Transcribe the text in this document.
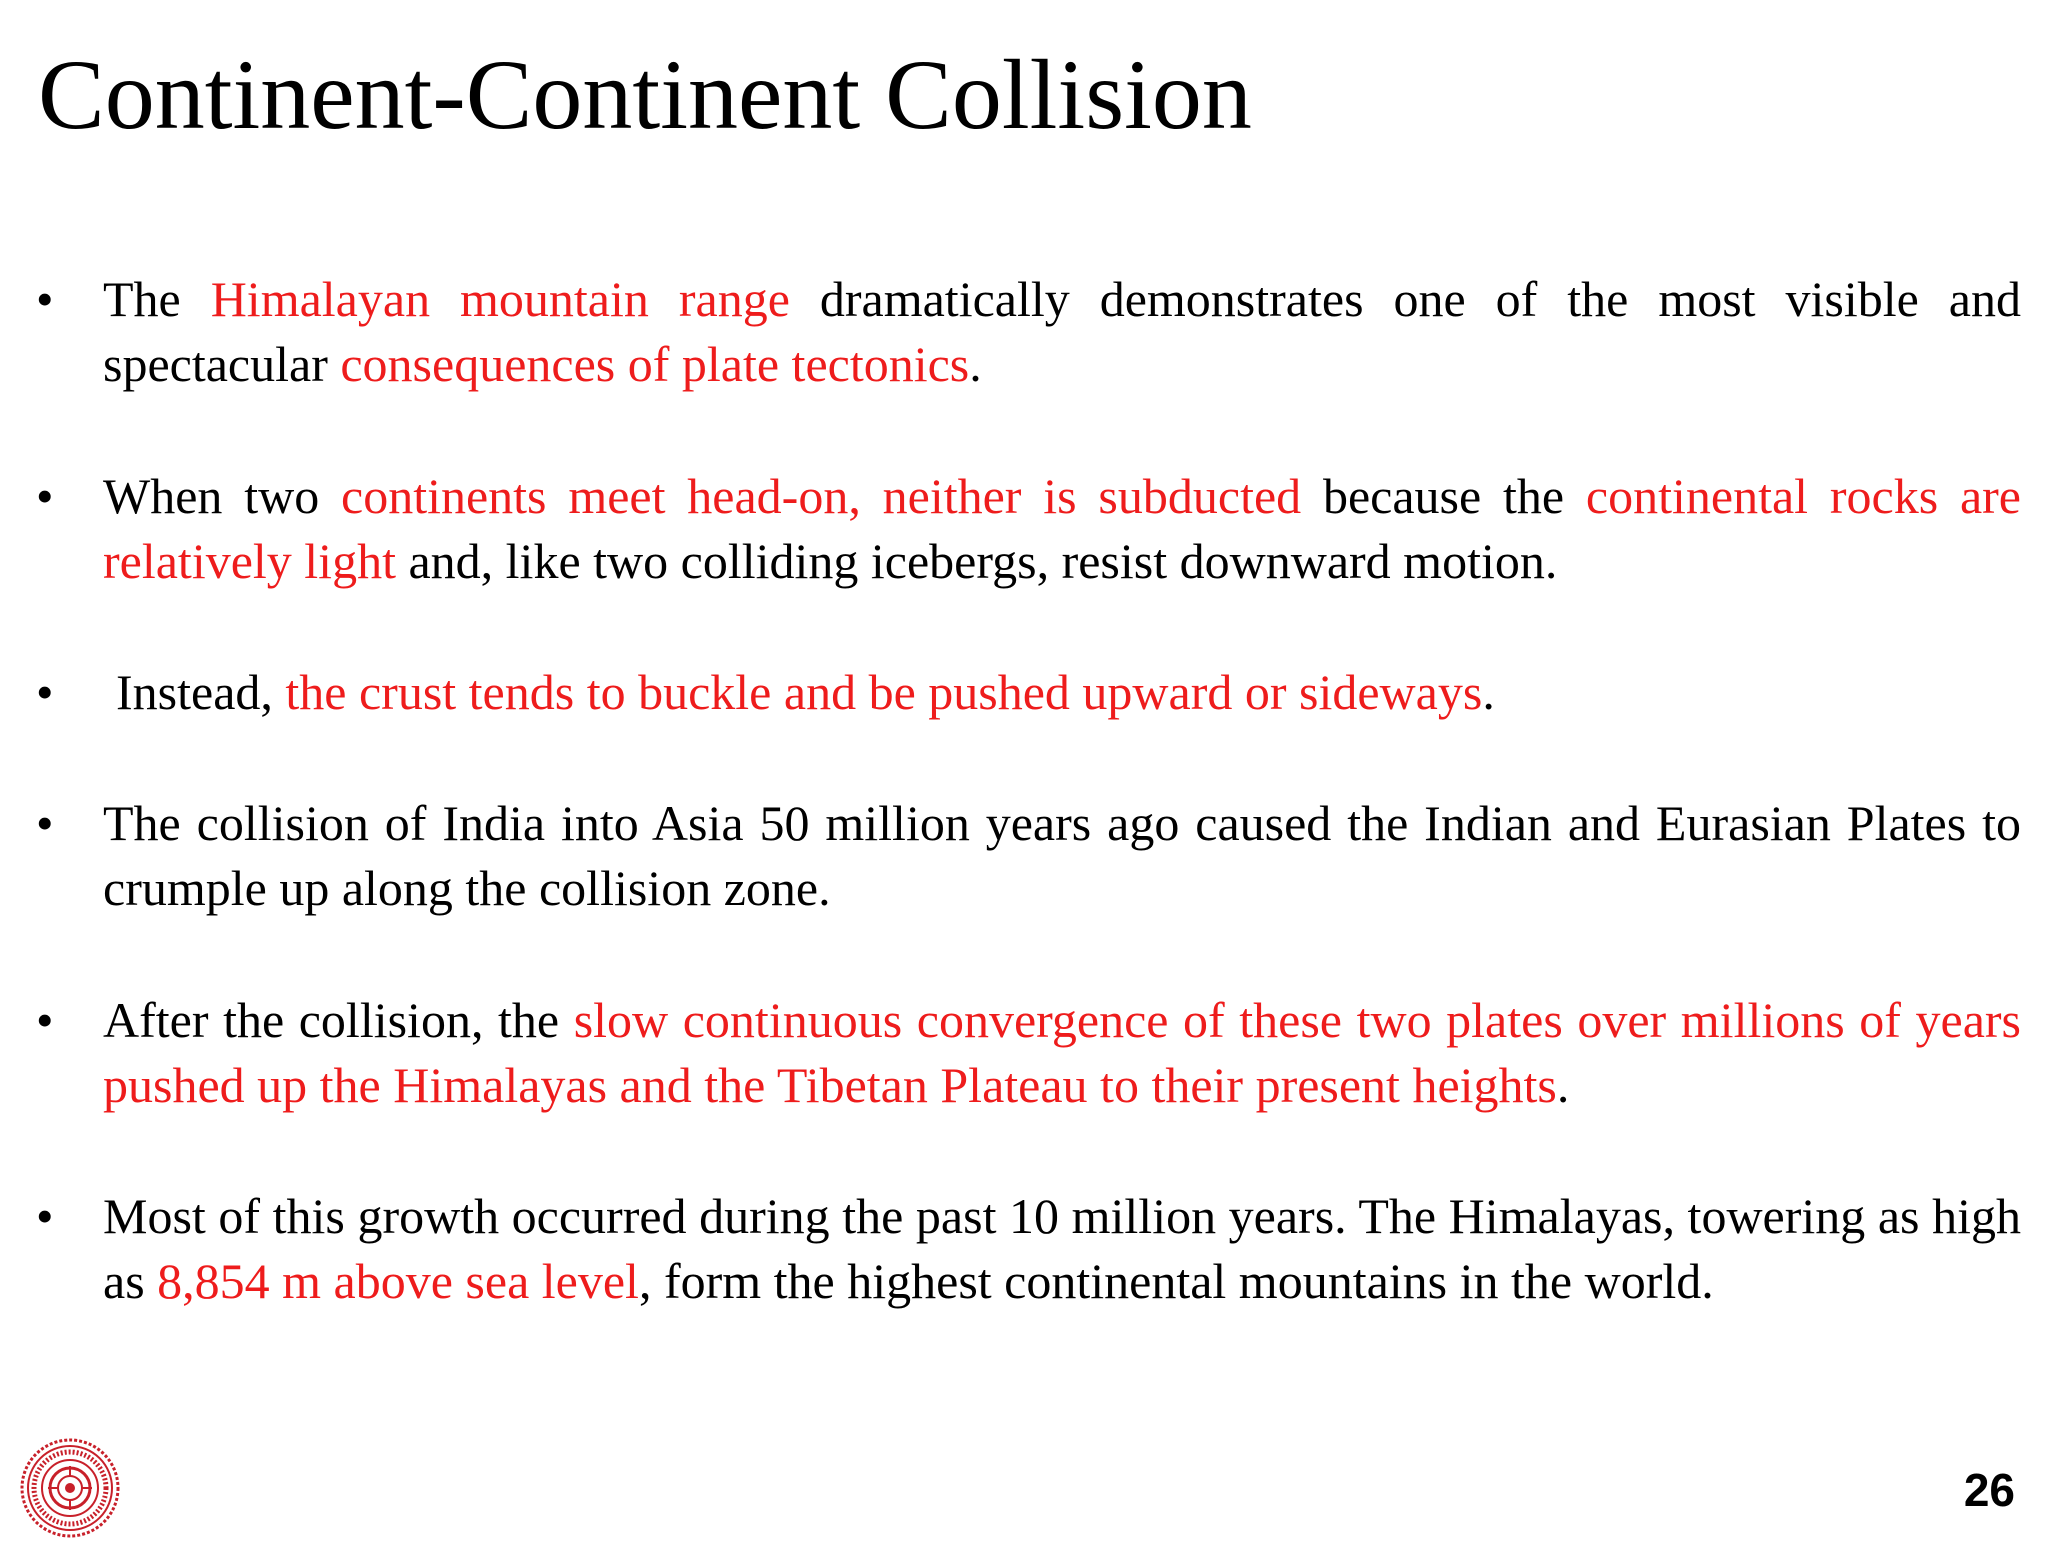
Continent-Continent Collision
• The Himalayan mountain range dramatically demonstrates one of the most visible and spectacular consequences of plate tectonics.
• When two continents meet head-on, neither is subducted because the continental rocks are relatively light and, like two colliding icebergs, resist downward motion.
• Instead, the crust tends to buckle and be pushed upward or sideways.
• The collision of India into Asia 50 million years ago caused the Indian and Eurasian Plates to crumple up along the collision zone.
• After the collision, the slow continuous convergence of these two plates over millions of years pushed up the Himalayas and the Tibetan Plateau to their present heights.
• Most of this growth occurred during the past 10 million years. The Himalayas, towering as high as 8,854 m above sea level, form the highest continental mountains in the world.
26
